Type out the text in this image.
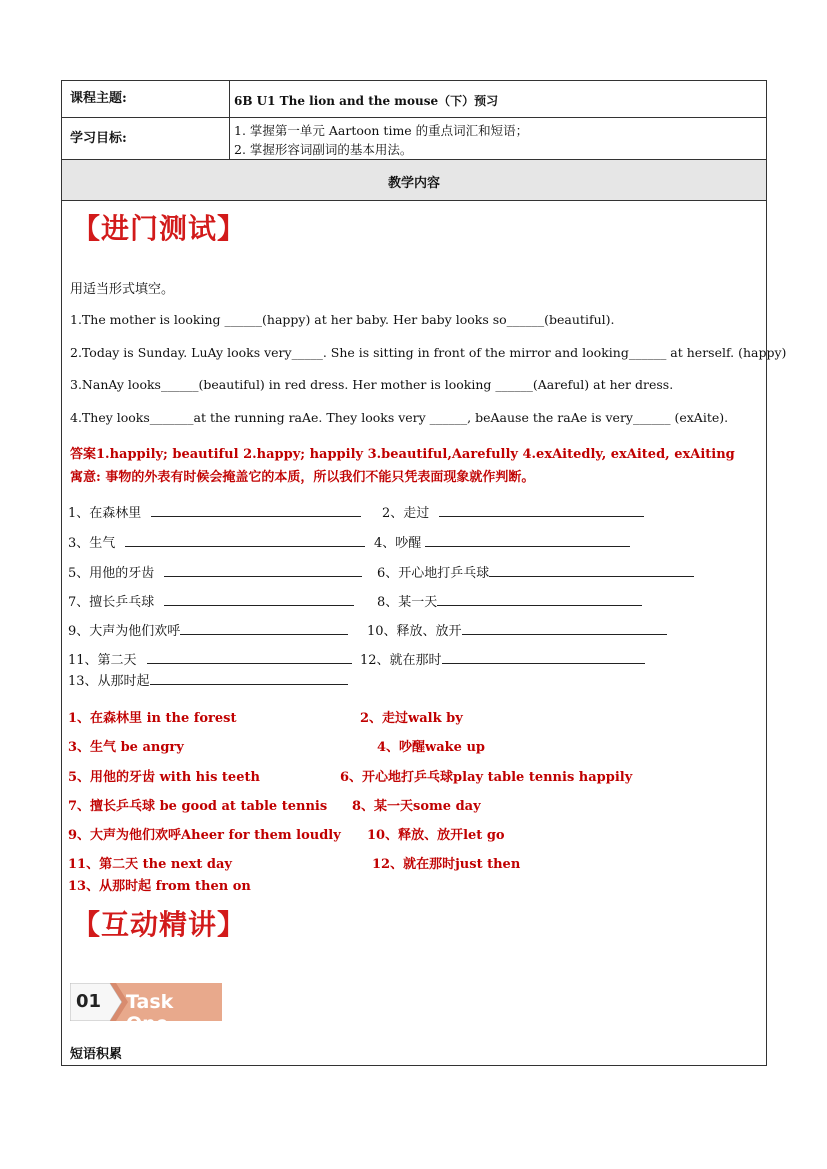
课程主题:	6B U1 The lion and the mouse（下）预习
学习目标:
1. 掌握第一单元 Aartoon time 的重点词汇和短语；
2. 掌握形容词副词的基本用法。
教学内容
【进门测试】
用适当形式填空。
1.The mother is looking ______(happy) at her baby. Her baby looks so______(beautiful).
2.Today is Sunday. LuAy looks very_____. She is sitting in front of the mirror and looking______ at herself. (happy)
3.NanAy looks______(beautiful) in red dress. Her mother is looking ______(Aareful) at her dress.
4.They looks_______at the running raAe. They looks very ______, beAause the raAe is very______ (exAite).
答案1.happily; beautiful 2.happy; happily 3.beautiful,Aarefully 4.exAitedly, exAited, exAiting
寓意: 事物的外表有时候会掩盖它的本质，所以我们不能只凭表面现象就作判断。
1、在森林里	2、走过
3、生气	4、吵醒
5、用他的牙齿	6、开心地打乒乓球
7、擅长乒乓球	8、某一天
9、大声为他们欢呼	10、释放、放开
11、第二天	12、就在那时
13、从那时起
1、在森林里 in the forest	2、走过walk by
3、生气 be angry	4、吵醒wake up
5、用他的牙齿 with his teeth	6、开心地打乒乓球play table tennis happily
7、擅长乒乓球 be good at table tennis 8、某一天some day
9、大声为他们欢呼Aheer for them loudly 10、释放、放开let go
11、第二天 the next day	12、就在那时just then
13、从那时起 from then on
【互动精讲】
01 Task One
短语积累
